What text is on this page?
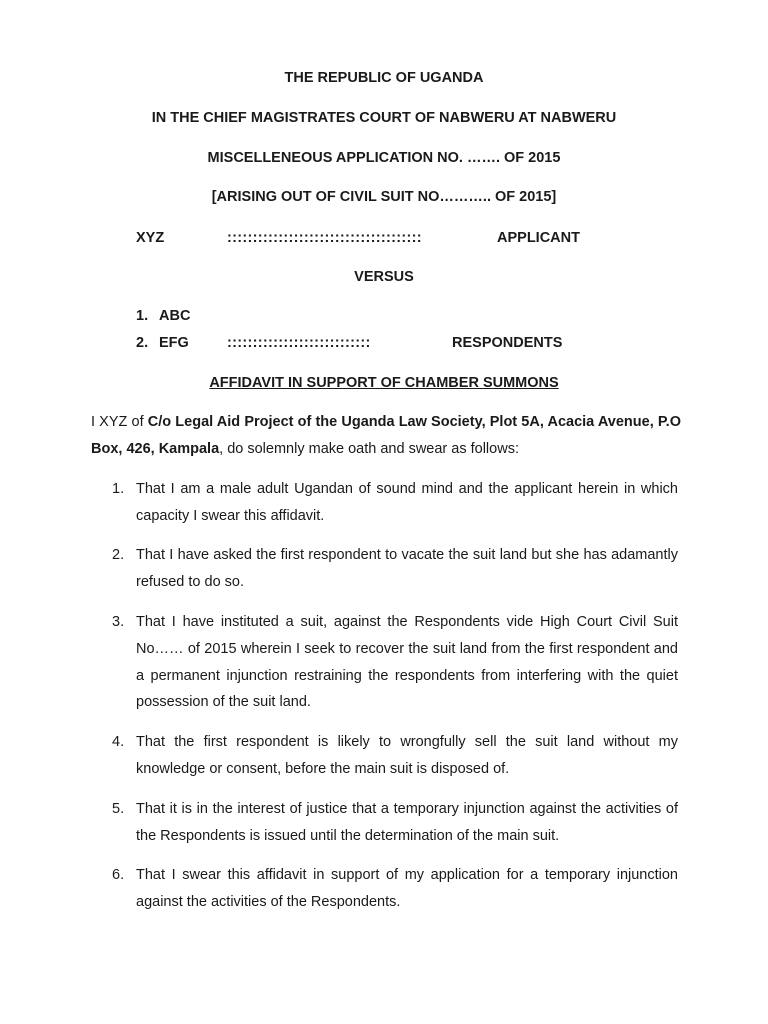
THE REPUBLIC OF UGANDA
IN THE CHIEF MAGISTRATES COURT OF NABWERU AT NABWERU
MISCELLENEOUS APPLICATION NO. ……. OF 2015
[ARISING OUT OF CIVIL SUIT NO……….. OF 2015]
XYZ	::::::::::::::::::::::::::::::::::::::	APPLICANT
VERSUS
1. ABC
2. EFG	::::::::::::::::::::::::::::	RESPONDENTS
AFFIDAVIT IN SUPPORT OF CHAMBER SUMMONS
I XYZ of C/o Legal Aid Project of the Uganda Law Society, Plot 5A, Acacia Avenue, P.O Box, 426, Kampala, do solemnly make oath and swear as follows:
1. That I am a male adult Ugandan of sound mind and the applicant herein in which capacity I swear this affidavit.
2. That I have asked the first respondent to vacate the suit land but she has adamantly refused to do so.
3. That I have instituted a suit, against the Respondents vide High Court Civil Suit No…… of 2015 wherein I seek to recover the suit land from the first respondent and a permanent injunction restraining the respondents from interfering with the quiet possession of the suit land.
4. That the first respondent is likely to wrongfully sell the suit land without my knowledge or consent, before the main suit is disposed of.
5. That it is in the interest of justice that a temporary injunction against the activities of the Respondents is issued until the determination of the main suit.
6. That I swear this affidavit in support of my application for a temporary injunction against the activities of the Respondents.
